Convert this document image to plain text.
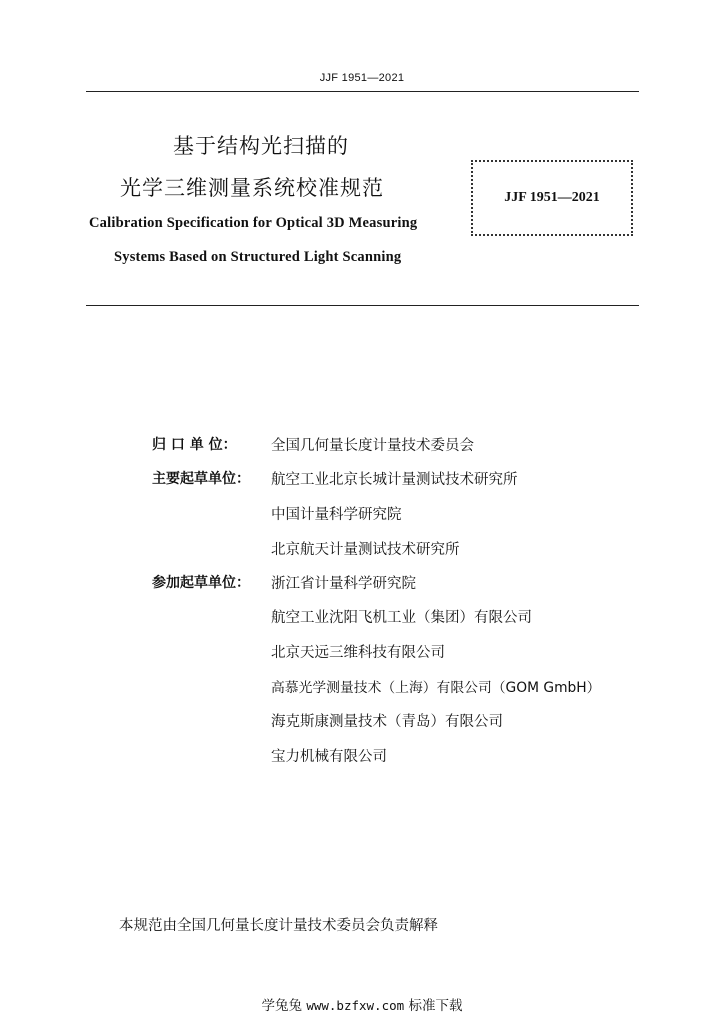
JJF 1951—2021
基于结构光扫描的
光学三维测量系统校准规范
Calibration Specification for Optical 3D Measuring
Systems Based on Structured Light Scanning
JJF 1951—2021
归 口 单 位：	全国几何量长度计量技术委员会
主要起草单位： 航空工业北京长城计量测试技术研究所
中国计量科学研究院
北京航天计量测试技术研究所
参加起草单位： 浙江省计量科学研究院
航空工业沈阳飞机工业（集团）有限公司
北京天远三维科技有限公司
高慕光学测量技术（上海）有限公司（GOM GmbH）
海克斯康测量技术（青岛）有限公司
宝力机械有限公司
本规范由全国几何量长度计量技术委员会负责解释
学兔兔 www.bzfxw.com 标准下载
